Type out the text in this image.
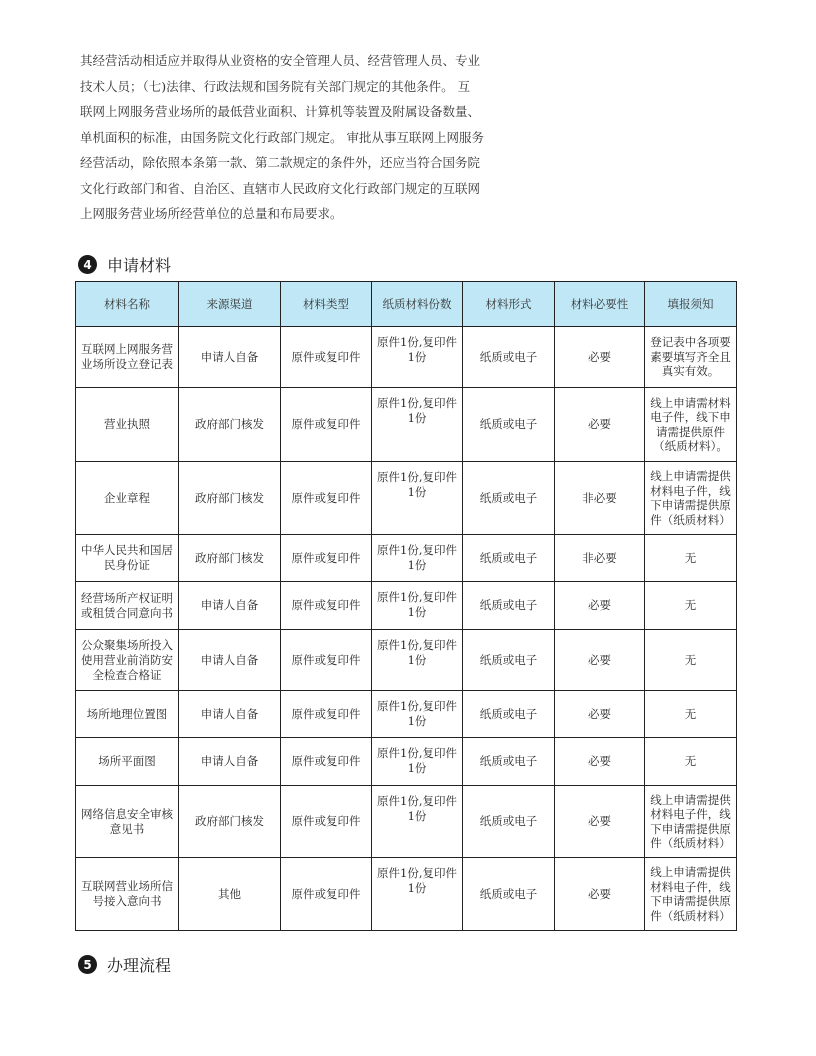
其经营活动相适应并取得从业资格的安全管理人员、经营管理人员、专业
技术人员；（七)法律、行政法规和国务院有关部门规定的其他条件。 互
联网上网服务营业场所的最低营业面积、计算机等装置及附属设备数量、
单机面积的标准，由国务院文化行政部门规定。 审批从事互联网上网服务
经营活动，除依照本条第一款、第二款规定的条件外，还应当符合国务院
文化行政部门和省、自治区、直辖市人民政府文化行政部门规定的互联网
上网服务营业场所经营单位的总量和布局要求。
4 申请材料
材料名称	来源渠道	材料类型	纸质材料份数	材料形式	材料必要性	填报须知
互联网上网服务营业场所设立登记表	申请人自备	原件或复印件	原件1份,复印件1份	纸质或电子	必要	登记表中各项要素要填写齐全且真实有效。
营业执照	政府部门核发	原件或复印件	原件1份,复印件1份	纸质或电子	必要	线上申请需材料电子件，线下申请需提供原件（纸质材料）。
企业章程	政府部门核发	原件或复印件	原件1份,复印件1份	纸质或电子	非必要	线上申请需提供材料电子件，线下申请需提供原件（纸质材料）
中华人民共和国居民身份证	政府部门核发	原件或复印件	原件1份,复印件1份	纸质或电子	非必要	无
经营场所产权证明或租赁合同意向书	申请人自备	原件或复印件	原件1份,复印件1份	纸质或电子	必要	无
公众聚集场所投入使用营业前消防安全检查合格证	申请人自备	原件或复印件	原件1份,复印件1份	纸质或电子	必要	无
场所地理位置图	申请人自备	原件或复印件	原件1份,复印件1份	纸质或电子	必要	无
场所平面图	申请人自备	原件或复印件	原件1份,复印件1份	纸质或电子	必要	无
网络信息安全审核意见书	政府部门核发	原件或复印件	原件1份,复印件1份	纸质或电子	必要	线上申请需提供材料电子件，线下申请需提供原件（纸质材料）
互联网营业场所信号接入意向书	其他	原件或复印件	原件1份,复印件1份	纸质或电子	必要	线上申请需提供材料电子件，线下申请需提供原件（纸质材料）
5 办理流程
